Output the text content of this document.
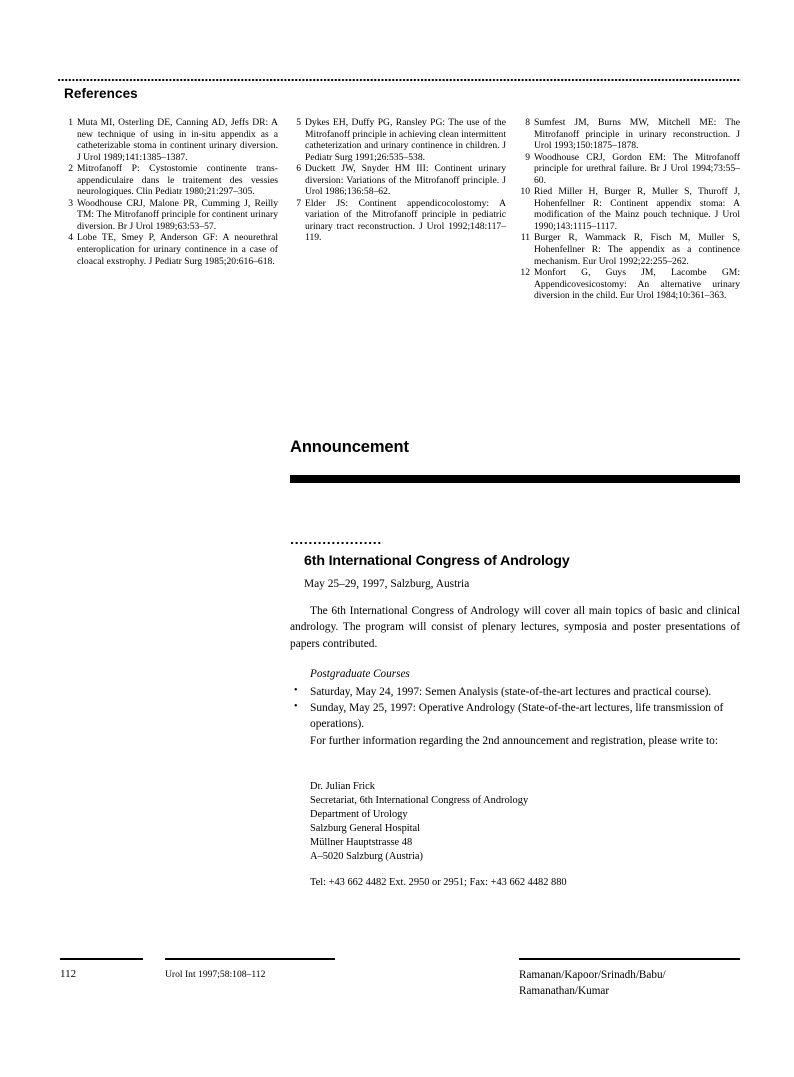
References
1 Muta MI, Osterling DE, Canning AD, Jeffs DR: A new technique of using in in-situ appendix as a catheterizable stoma in continent urinary diversion. J Urol 1989;141:1385–1387.
2 Mitrofanoff P: Cystostomie continente trans-appendiculaire dans le traitement des vessies neurologiques. Clin Pediatr 1980;21:297–305.
3 Woodhouse CRJ, Malone PR, Cumming J, Reilly TM: The Mitrofanoff principle for continent urinary diversion. Br J Urol 1989;63:53–57.
4 Lobe TE, Smey P, Anderson GF: A neourethral enteroplication for urinary continence in a case of cloacal exstrophy. J Pediatr Surg 1985;20:616–618.
5 Dykes EH, Duffy PG, Ransley PG: The use of the Mitrofanoff principle in achieving clean intermittent catheterization and urinary continence in children. J Pediatr Surg 1991;26:535–538.
6 Duckett JW, Snyder HM III: Continent urinary diversion: Variations of the Mitrofanoff principle. J Urol 1986;136:58–62.
7 Elder JS: Continent appendicocolostomy: A variation of the Mitrofanoff principle in pediatric urinary tract reconstruction. J Urol 1992;148:117–119.
8 Sumfest JM, Burns MW, Mitchell ME: The Mitrofanoff principle in urinary reconstruction. J Urol 1993;150:1875–1878.
9 Woodhouse CRJ, Gordon EM: The Mitrofanoff principle for urethral failure. Br J Urol 1994;73:55–60.
10 Ried Miller H, Burger R, Muller S, Thuroff J, Hohenfellner R: Continent appendix stoma: A modification of the Mainz pouch technique. J Urol 1990;143:1115–1117.
11 Burger R, Wammack R, Fisch M, Muller S, Hohenfellner R: The appendix as a continence mechanism. Eur Urol 1992;22:255–262.
12 Monfort G, Guys JM, Lacombe GM: Appendicovesicostomy: An alternative urinary diversion in the child. Eur Urol 1984;10:361–363.
Announcement
6th International Congress of Andrology
May 25–29, 1997, Salzburg, Austria

The 6th International Congress of Andrology will cover all main topics of basic and clinical andrology. The program will consist of plenary lectures, symposia and poster presentations of papers contributed.

Postgraduate Courses
• Saturday, May 24, 1997: Semen Analysis (state-of-the-art lectures and practical course).
• Sunday, May 25, 1997: Operative Andrology (State-of-the-art lectures, life transmission of operations).

For further information regarding the 2nd announcement and registration, please write to:

Dr. Julian Frick
Secretariat, 6th International Congress of Andrology
Department of Urology
Salzburg General Hospital
Müllner Hauptstrasse 48
A–5020 Salzburg (Austria)
Tel: +43 662 4482 Ext. 2950 or 2951; Fax: +43 662 4482 880
112	Urol Int 1997;58:108–112	Ramanan/Kapoor/Srinadh/Babu/
Ramanathan/Kumar
